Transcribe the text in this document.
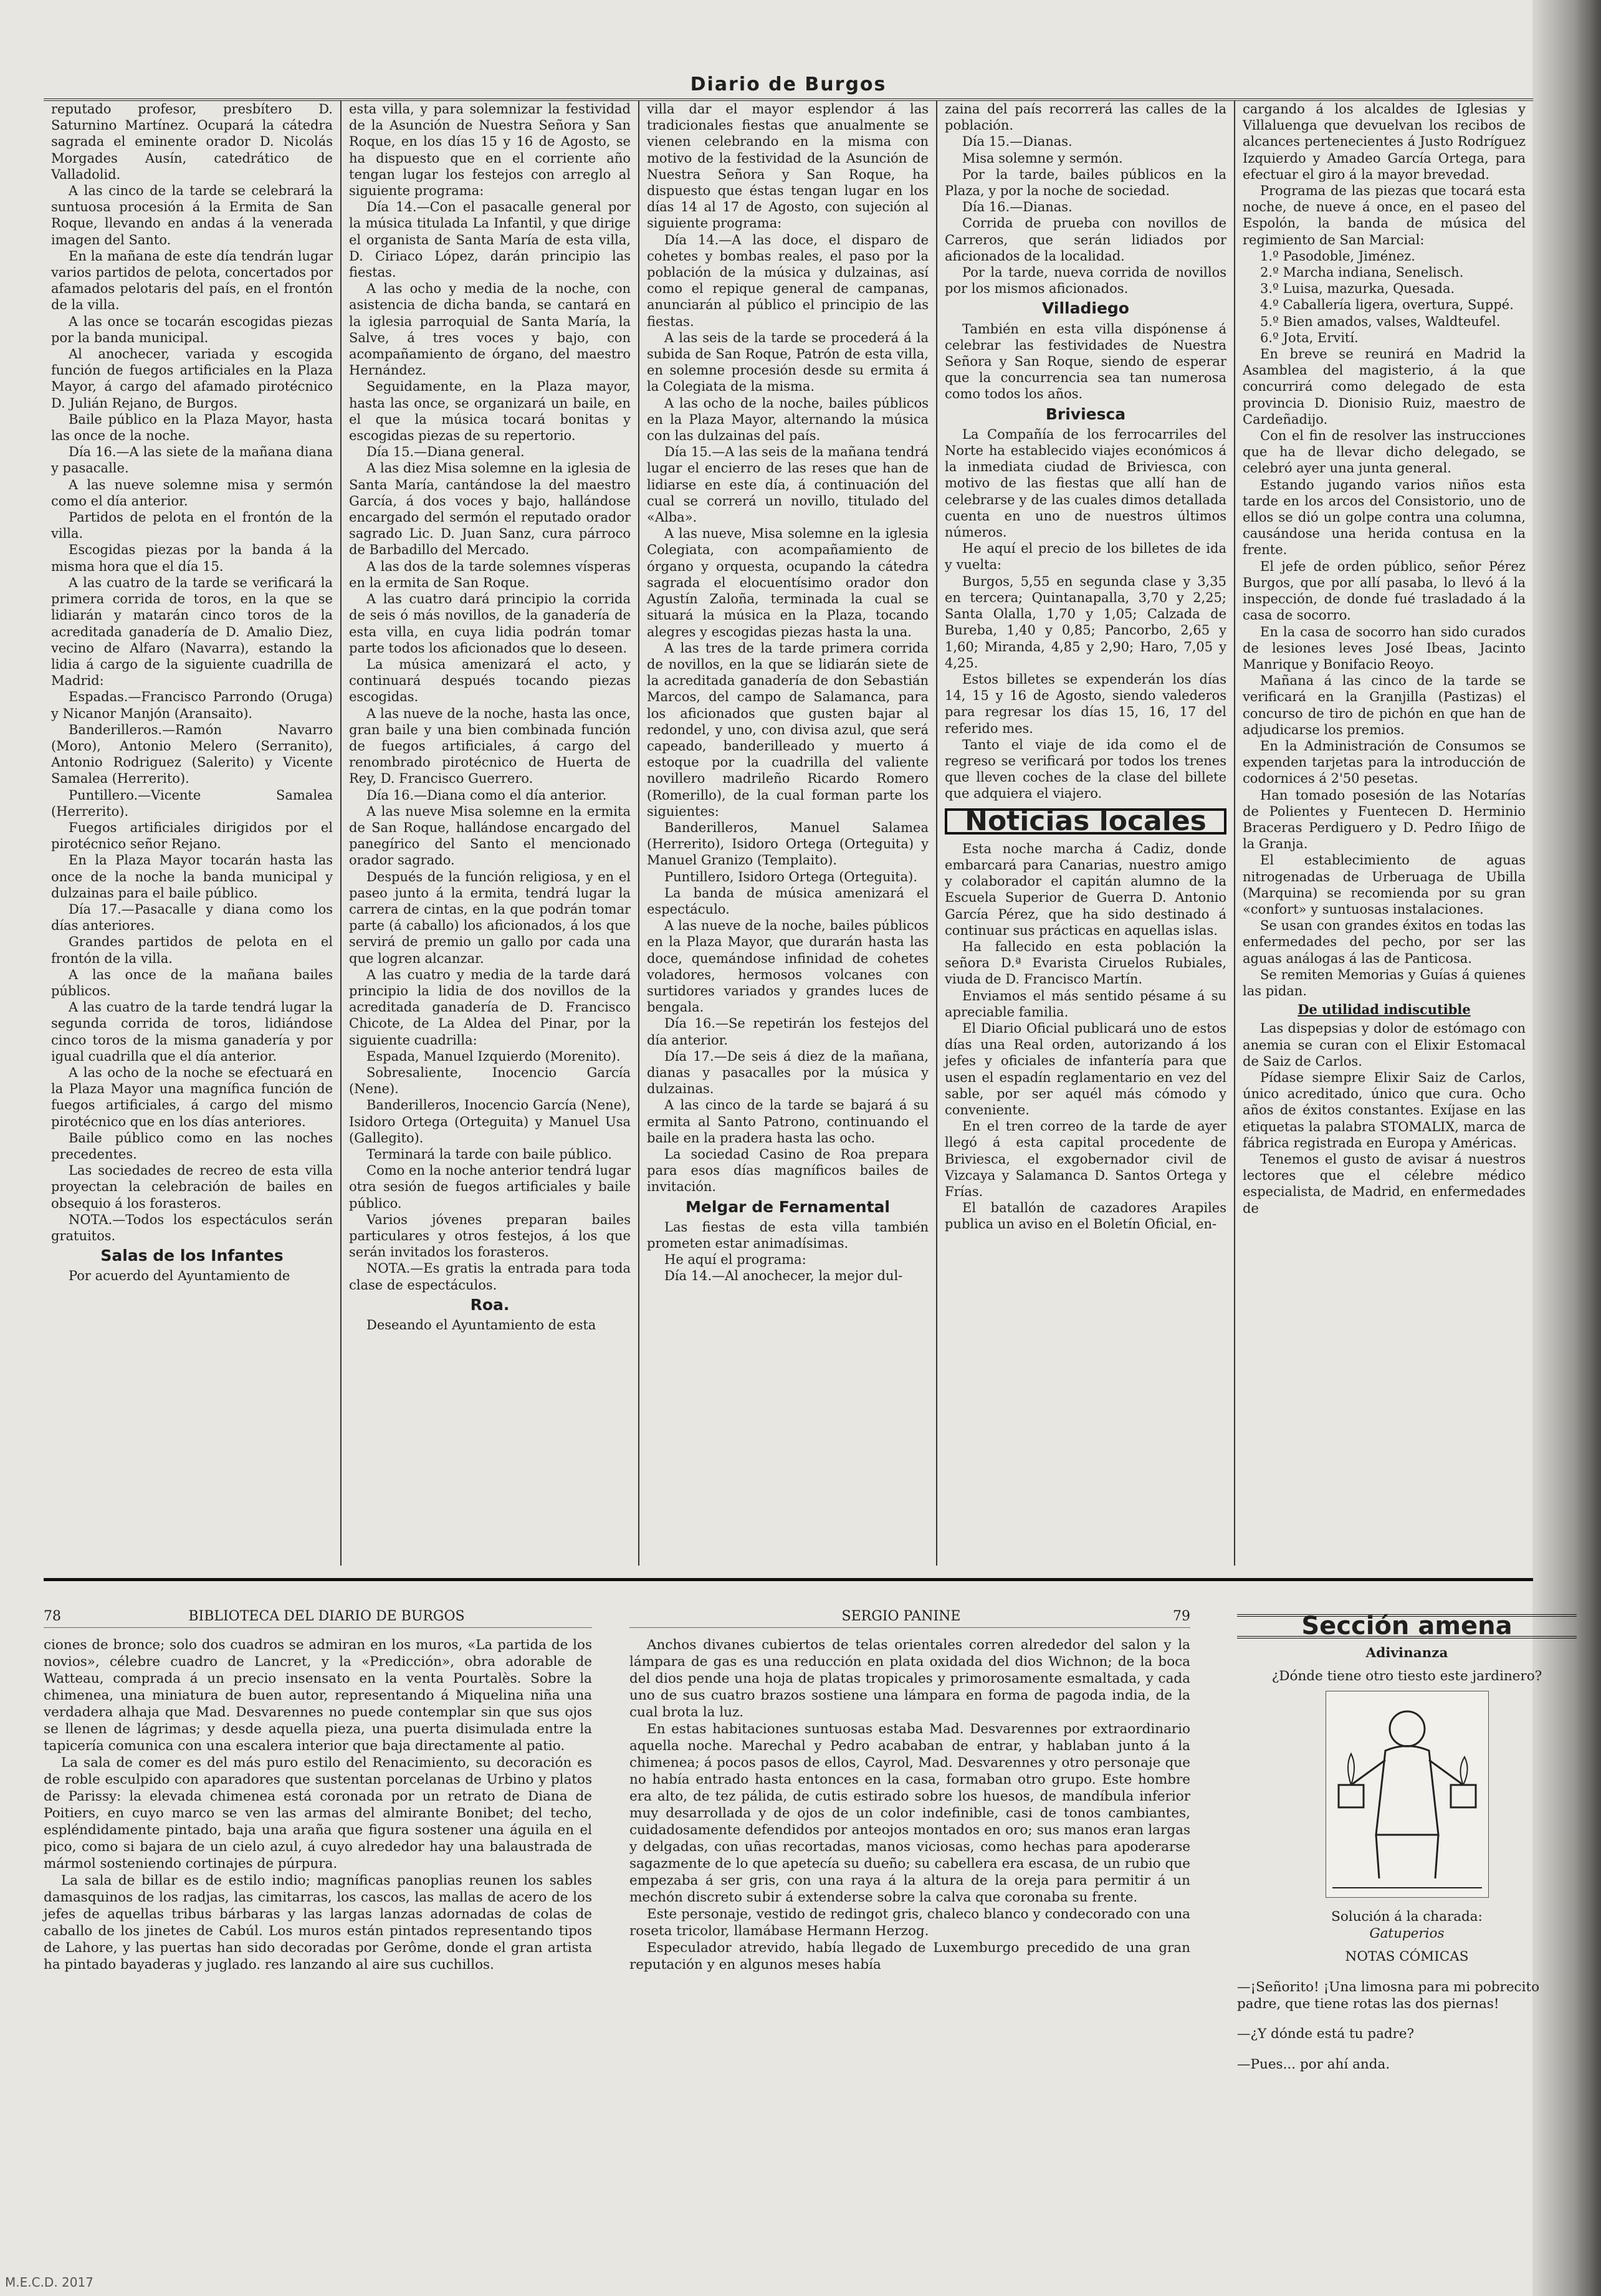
Diario de Burgos

reputado profesor, presbítero D. Saturnino Martínez. Ocupará la cátedra sagrada el eminente orador D. Nicolás Morgades Ausín, catedrático de Valladolid.

A las cinco de la tarde se celebrará la suntuosa procesión á la Ermita de San Roque, llevando en andas á la venerada imagen del Santo.

En la mañana de este día tendrán lugar varios partidos de pelota, concertados por afamados pelotaris del país, en el frontón de la villa.

A las once se tocarán escogidas piezas por la banda municipal.

Al anochecer, variada y escogida función de fuegos artificiales en la Plaza Mayor, á cargo del afamado pirotécnico D. Julián Rejano, de Burgos.

Baile público en la Plaza Mayor, hasta las once de la noche.

Día 16.—A las siete de la mañana diana y pasacalle.

A las nueve solemne misa y sermón como el día anterior.

Partidos de pelota en el frontón de la villa.

Escogidas piezas por la banda á la misma hora que el día 15.

A las cuatro de la tarde se verificará la primera corrida de toros, en la que se lidiarán y matarán cinco toros de la acreditada ganadería de D. Amalio Diez, vecino de Alfaro (Navarra), estando la lidia á cargo de la siguiente cuadrilla de Madrid:

Espadas.—Francisco Parrondo (Oruga) y Nicanor Manjón (Aransaito).

Banderilleros.—Ramón Navarro (Moro), Antonio Melero (Serranito), Antonio Rodriguez (Salerito) y Vicente Samalea (Herrerito).

Puntillero.—Vicente Samalea (Herrerito).

Fuegos artificiales dirigidos por el pirotécnico señor Rejano.

En la Plaza Mayor tocarán hasta las once de la noche la banda municipal y dulzainas para el baile público.

Día 17.—Pasacalle y diana como los días anteriores.

Grandes partidos de pelota en el frontón de la villa.

A las once de la mañana bailes públicos.

A las cuatro de la tarde tendrá lugar la segunda corrida de toros, lidiándose cinco toros de la misma ganadería y por igual cuadrilla que el día anterior.

A las ocho de la noche se efectuará en la Plaza Mayor una magnífica función de fuegos artificiales, á cargo del mismo pirotécnico que en los días anteriores.

Baile público como en las noches precedentes.

Las sociedades de recreo de esta villa proyectan la celebración de bailes en obsequio á los forasteros.

NOTA.—Todos los espectáculos serán gratuitos.

Salas de los Infantes

Por acuerdo del Ayuntamiento de

esta villa, y para solemnizar la festividad de la Asunción de Nuestra Señora y San Roque, en los días 15 y 16 de Agosto, se ha dispuesto que en el corriente año tengan lugar los festejos con arreglo al siguiente programa:

Día 14.—Con el pasacalle general por la música titulada La Infantil, y que dirige el organista de Santa María de esta villa, D. Ciriaco López, darán principio las fiestas.

A las ocho y media de la noche, con asistencia de dicha banda, se cantará en la iglesia parroquial de Santa María, la Salve, á tres voces y bajo, con acompañamiento de órgano, del maestro Hernández.

Seguidamente, en la Plaza mayor, hasta las once, se organizará un baile, en el que la música tocará bonitas y escogidas piezas de su repertorio.

Día 15.—Diana general.

A las diez Misa solemne en la iglesia de Santa María, cantándose la del maestro García, á dos voces y bajo, hallándose encargado del sermón el reputado orador sagrado Lic. D. Juan Sanz, cura párroco de Barbadillo del Mercado.

A las dos de la tarde solemnes vísperas en la ermita de San Roque.

A las cuatro dará principio la corrida de seis ó más novillos, de la ganadería de esta villa, en cuya lidia podrán tomar parte todos los aficionados que lo deseen.

La música amenizará el acto, y continuará después tocando piezas escogidas.

A las nueve de la noche, hasta las once, gran baile y una bien combinada función de fuegos artificiales, á cargo del renombrado pirotécnico de Huerta de Rey, D. Francisco Guerrero.

Día 16.—Diana como el día anterior.

A las nueve Misa solemne en la ermita de San Roque, hallándose encargado del panegírico del Santo el mencionado orador sagrado.

Después de la función religiosa, y en el paseo junto á la ermita, tendrá lugar la carrera de cintas, en la que podrán tomar parte (á caballo) los aficionados, á los que servirá de premio un gallo por cada una que logren alcanzar.

A las cuatro y media de la tarde dará principio la lidia de dos novillos de la acreditada ganadería de D. Francisco Chicote, de La Aldea del Pinar, por la siguiente cuadrilla:

Espada, Manuel Izquierdo (Morenito).

Sobresaliente, Inocencio García (Nene).

Banderilleros, Inocencio García (Nene), Isidoro Ortega (Orteguita) y Manuel Usa (Gallegito).

Terminará la tarde con baile público.

Como en la noche anterior tendrá lugar otra sesión de fuegos artificiales y baile público.

Varios jóvenes preparan bailes particulares y otros festejos, á los que serán invitados los forasteros.

NOTA.—Es gratis la entrada para toda clase de espectáculos.

Roa.

Deseando el Ayuntamiento de esta

villa dar el mayor esplendor á las tradicionales fiestas que anualmente se vienen celebrando en la misma con motivo de la festividad de la Asunción de Nuestra Señora y San Roque, ha dispuesto que éstas tengan lugar en los días 14 al 17 de Agosto, con sujeción al siguiente programa:

Día 14.—A las doce, el disparo de cohetes y bombas reales, el paso por la población de la música y dulzainas, así como el repique general de campanas, anunciarán al público el principio de las fiestas.

A las seis de la tarde se procederá á la subida de San Roque, Patrón de esta villa, en solemne procesión desde su ermita á la Colegiata de la misma.

A las ocho de la noche, bailes públicos en la Plaza Mayor, alternando la música con las dulzainas del país.

Día 15.—A las seis de la mañana tendrá lugar el encierro de las reses que han de lidiarse en este día, á continuación del cual se correrá un novillo, titulado del «Alba».

A las nueve, Misa solemne en la iglesia Colegiata, con acompañamiento de órgano y orquesta, ocupando la cátedra sagrada el elocuentísimo orador don Agustín Zaloña, terminada la cual se situará la música en la Plaza, tocando alegres y escogidas piezas hasta la una.

A las tres de la tarde primera corrida de novillos, en la que se lidiarán siete de la acreditada ganadería de don Sebastián Marcos, del campo de Salamanca, para los aficionados que gusten bajar al redondel, y uno, con divisa azul, que será capeado, banderilleado y muerto á estoque por la cuadrilla del valiente novillero madrileño Ricardo Romero (Romerillo), de la cual forman parte los siguientes:

Banderilleros, Manuel Salamea (Herrerito), Isidoro Ortega (Orteguita) y Manuel Granizo (Templaito).

Puntillero, Isidoro Ortega (Orteguita).

La banda de música amenizará el espectáculo.

A las nueve de la noche, bailes públicos en la Plaza Mayor, que durarán hasta las doce, quemándose infinidad de cohetes voladores, hermosos volcanes con surtidores variados y grandes luces de bengala.

Día 16.—Se repetirán los festejos del día anterior.

Día 17.—De seis á diez de la mañana, dianas y pasacalles por la música y dulzainas.

A las cinco de la tarde se bajará á su ermita al Santo Patrono, continuando el baile en la pradera hasta las ocho.

La sociedad Casino de Roa prepara para esos días magníficos bailes de invitación.

Melgar de Fernamental

Las fiestas de esta villa también prometen estar animadísimas.

He aquí el programa:

Día 14.—Al anochecer, la mejor dul-

zaina del país recorrerá las calles de la población.

Día 15.—Dianas.

Misa solemne y sermón.

Por la tarde, bailes públicos en la Plaza, y por la noche de sociedad.

Día 16.—Dianas.

Corrida de prueba con novillos de Carreros, que serán lidiados por aficionados de la localidad.

Por la tarde, nueva corrida de novillos por los mismos aficionados.

Villadiego

También en esta villa dispónense á celebrar las festividades de Nuestra Señora y San Roque, siendo de esperar que la concurrencia sea tan numerosa como todos los años.

Briviesca

La Compañía de los ferrocarriles del Norte ha establecido viajes económicos á la inmediata ciudad de Briviesca, con motivo de las fiestas que allí han de celebrarse y de las cuales dimos detallada cuenta en uno de nuestros últimos números.

He aquí el precio de los billetes de ida y vuelta:

Burgos, 5,55 en segunda clase y 3,35 en tercera; Quintanapalla, 3,70 y 2,25; Santa Olalla, 1,70 y 1,05; Calzada de Bureba, 1,40 y 0,85; Pancorbo, 2,65 y 1,60; Miranda, 4,85 y 2,90; Haro, 7,05 y 4,25.

Estos billetes se expenderán los días 14, 15 y 16 de Agosto, siendo valederos para regresar los días 15, 16, 17 del referido mes.

Tanto el viaje de ida como el de regreso se verificará por todos los trenes que lleven coches de la clase del billete que adquiera el viajero.

Noticias locales

Esta noche marcha á Cadiz, donde embarcará para Canarias, nuestro amigo y colaborador el capitán alumno de la Escuela Superior de Guerra D. Antonio García Pérez, que ha sido destinado á continuar sus prácticas en aquellas islas.

Ha fallecido en esta población la señora D.ª Evarista Ciruelos Rubiales, viuda de D. Francisco Martín.

Enviamos el más sentido pésame á su apreciable familia.

El Diario Oficial publicará uno de estos días una Real orden, autorizando á los jefes y oficiales de infantería para que usen el espadín reglamentario en vez del sable, por ser aquél más cómodo y conveniente.

En el tren correo de la tarde de ayer llegó á esta capital procedente de Briviesca, el exgobernador civil de Vizcaya y Salamanca D. Santos Ortega y Frías.

El batallón de cazadores Arapiles publica un aviso en el Boletín Oficial, en-

cargando á los alcaldes de Iglesias y Villaluenga que devuelvan los recibos de alcances pertenecientes á Justo Rodríguez Izquierdo y Amadeo García Ortega, para efectuar el giro á la mayor brevedad.

Programa de las piezas que tocará esta noche, de nueve á once, en el paseo del Espolón, la banda de música del regimiento de San Marcial:

1.º Pasodoble, Jiménez.

2.º Marcha indiana, Senelisch.

3.º Luisa, mazurka, Quesada.

4.º Caballería ligera, overtura, Suppé.

5.º Bien amados, valses, Waldteufel.

6.º Jota, Ervití.

En breve se reunirá en Madrid la Asamblea del magisterio, á la que concurrirá como delegado de esta provincia D. Dionisio Ruiz, maestro de Cardeñadijo.

Con el fin de resolver las instrucciones que ha de llevar dicho delegado, se celebró ayer una junta general.

Estando jugando varios niños esta tarde en los arcos del Consistorio, uno de ellos se dió un golpe contra una columna, causándose una herida contusa en la frente.

El jefe de orden público, señor Pérez Burgos, que por allí pasaba, lo llevó á la inspección, de donde fué trasladado á la casa de socorro.

En la casa de socorro han sido curados de lesiones leves José Ibeas, Jacinto Manrique y Bonifacio Reoyo.

Mañana á las cinco de la tarde se verificará en la Granjilla (Pastizas) el concurso de tiro de pichón en que han de adjudicarse los premios.

En la Administración de Consumos se expenden tarjetas para la introducción de codornices á 2'50 pesetas.

Han tomado posesión de las Notarías de Polientes y Fuentecen D. Herminio Braceras Perdiguero y D. Pedro Iñigo de la Granja.

El establecimiento de aguas nitrogenadas de Urberuaga de Ubilla (Marquina) se recomienda por su gran «confort» y suntuosas instalaciones.

Se usan con grandes éxitos en todas las enfermedades del pecho, por ser las aguas análogas á las de Panticosa.

Se remiten Memorias y Guías á quienes las pidan.

De utilidad indiscutible

Las dispepsias y dolor de estómago con anemia se curan con el Elixir Estomacal de Saiz de Carlos.

Pídase siempre Elixir Saiz de Carlos, único acreditado, único que cura. Ocho años de éxitos constantes. Exíjase en las etiquetas la palabra STOMALIX, marca de fábrica registrada en Europa y Américas.

Tenemos el gusto de avisar á nuestros lectores que el célebre médico especialista, de Madrid, en enfermedades de

78	BIBLIOTECA DEL DIARIO DE BURGOS

ciones de bronce; solo dos cuadros se admiran en los muros, «La partida de los novios», célebre cuadro de Lancret, y la «Predicción», obra adorable de Watteau, comprada á un precio insensato en la venta Pourtalès. Sobre la chimenea, una miniatura de buen autor, representando á Miquelina niña una verdadera alhaja que Mad. Desvarennes no puede contemplar sin que sus ojos se llenen de lágrimas; y desde aquella pieza, una puerta disimulada entre la tapicería comunica con una escalera interior que baja directamente al patio.

La sala de comer es del más puro estilo del Renacimiento, su decoración es de roble esculpido con aparadores que sustentan porcelanas de Urbino y platos de Parissy: la elevada chimenea está coronada por un retrato de Diana de Poitiers, en cuyo marco se ven las armas del almirante Bonibet; del techo, espléndidamente pintado, baja una araña que figura sostener una águila en el pico, como si bajara de un cielo azul, á cuyo alrededor hay una balaustrada de mármol sosteniendo cortinajes de púrpura.

La sala de billar es de estilo indio; magníficas panoplias reunen los sables damasquinos de los radjas, las cimitarras, los cascos, las mallas de acero de los jefes de aquellas tribus bárbaras y las largas lanzas adornadas de colas de caballo de los jinetes de Cabúl. Los muros están pintados representando tipos de Lahore, y las puertas han sido decoradas por Gerôme, donde el gran artista ha pintado bayaderas y juglado. res lanzando al aire sus cuchillos.

SERGIO PANINE	79

Anchos divanes cubiertos de telas orientales corren alrededor del salon y la lámpara de gas es una reducción en plata oxidada del dios Wichnon; de la boca del dios pende una hoja de platas tropicales y primorosamente esmaltada, y cada uno de sus cuatro brazos sostiene una lámpara en forma de pagoda india, de la cual brota la luz.

En estas habitaciones suntuosas estaba Mad. Desvarennes por extraordinario aquella noche. Marechal y Pedro acababan de entrar, y hablaban junto á la chimenea; á pocos pasos de ellos, Cayrol, Mad. Desvarennes y otro personaje que no había entrado hasta entonces en la casa, formaban otro grupo. Este hombre era alto, de tez pálida, de cutis estirado sobre los huesos, de mandíbula inferior muy desarrollada y de ojos de un color indefinible, casi de tonos cambiantes, cuidadosamente defendidos por anteojos montados en oro; sus manos eran largas y delgadas, con uñas recortadas, manos viciosas, como hechas para apoderarse sagazmente de lo que apetecía su dueño; su cabellera era escasa, de un rubio que empezaba á ser gris, con una raya á la altura de la oreja para permitir á un mechón discreto subir á extenderse sobre la calva que coronaba su frente.

Este personaje, vestido de redingot gris, chaleco blanco y condecorado con una roseta tricolor, llamábase Hermann Herzog.

Especulador atrevido, había llegado de Luxemburgo precedido de una gran reputación y en algunos meses había

Sección amena
Adivinanza
¿Dónde tiene otro tiesto este jardinero?
Solución á la charada:
Gatuperios
NOTAS CÓMICAS

—¡Señorito! ¡Una limosna para mi pobrecito padre, que tiene rotas las dos piernas!

—¿Y dónde está tu padre?

—Pues... por ahí anda.

M.E.C.D. 2017
